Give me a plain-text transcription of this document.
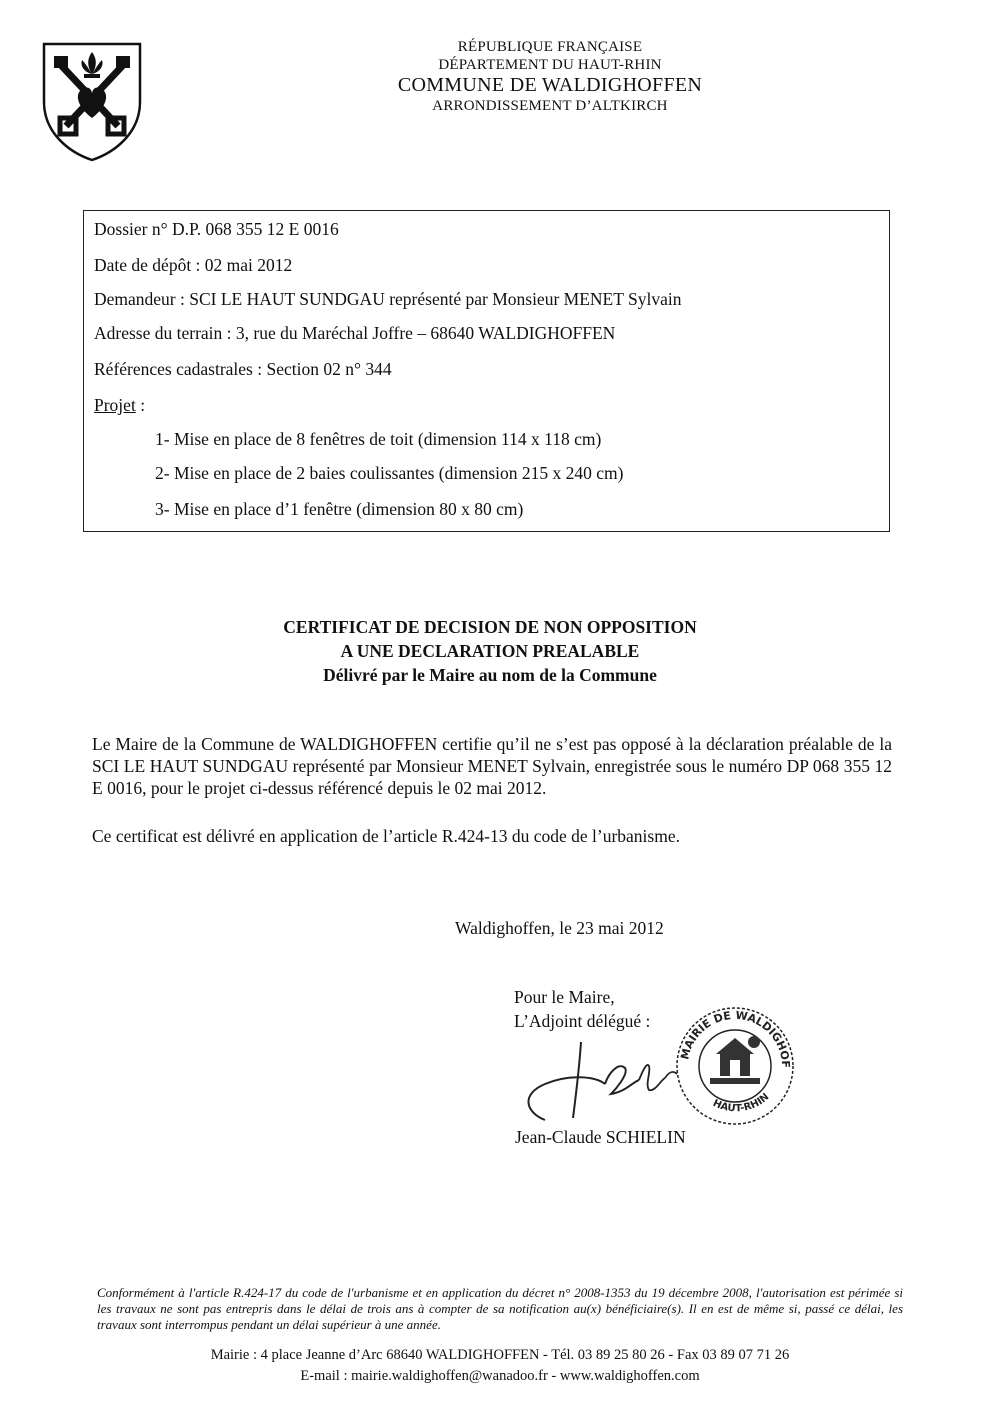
RÉPUBLIQUE FRANÇAISE
DÉPARTEMENT DU HAUT-RHIN
COMMUNE DE WALDIGHOFFEN
ARRONDISSEMENT D’ALTKIRCH
Dossier n° D.P. 068 355 12 E 0016
Date de dépôt : 02 mai 2012
Demandeur : SCI LE HAUT SUNDGAU représenté par Monsieur MENET Sylvain
Adresse du terrain : 3, rue du Maréchal Joffre – 68640 WALDIGHOFFEN
Références cadastrales : Section 02 n° 344
Projet :
1- Mise en place de 8 fenêtres de toit (dimension 114 x 118 cm)
2- Mise en place de 2 baies coulissantes (dimension 215 x 240 cm)
3- Mise en place d’1 fenêtre (dimension 80 x 80 cm)
CERTIFICAT DE DECISION DE NON OPPOSITION
A UNE DECLARATION PREALABLE
Délivré par le Maire au nom de la Commune
Le Maire de la Commune de WALDIGHOFFEN certifie qu’il ne s’est pas opposé à la déclaration préalable de la SCI LE HAUT SUNDGAU représenté par Monsieur MENET Sylvain, enregistrée sous le numéro DP 068 355 12 E 0016, pour le projet ci-dessus référencé depuis le 02 mai 2012.
Ce certificat est délivré en application de l’article R.424-13 du code de l’urbanisme.
Waldighoffen, le 23 mai 2012
Pour le Maire,
L’Adjoint délégué :
MAIRIE DE WALDIGHOF
HAUT-RHIN
Jean-Claude SCHIELIN
Conformément à l'article R.424-17 du code de l'urbanisme et en application du décret n° 2008-1353 du 19 décembre 2008, l'autorisation est périmée si les travaux ne sont pas entrepris dans le délai de trois ans à compter de sa notification au(x) bénéficiaire(s). Il en est de même si, passé ce délai, les travaux sont interrompus pendant un délai supérieur à une année.
Mairie : 4 place Jeanne d’Arc 68640 WALDIGHOFFEN - Tél. 03 89 25 80 26 - Fax 03 89 07 71 26
E-mail : mairie.waldighoffen@wanadoo.fr - www.waldighoffen.com
